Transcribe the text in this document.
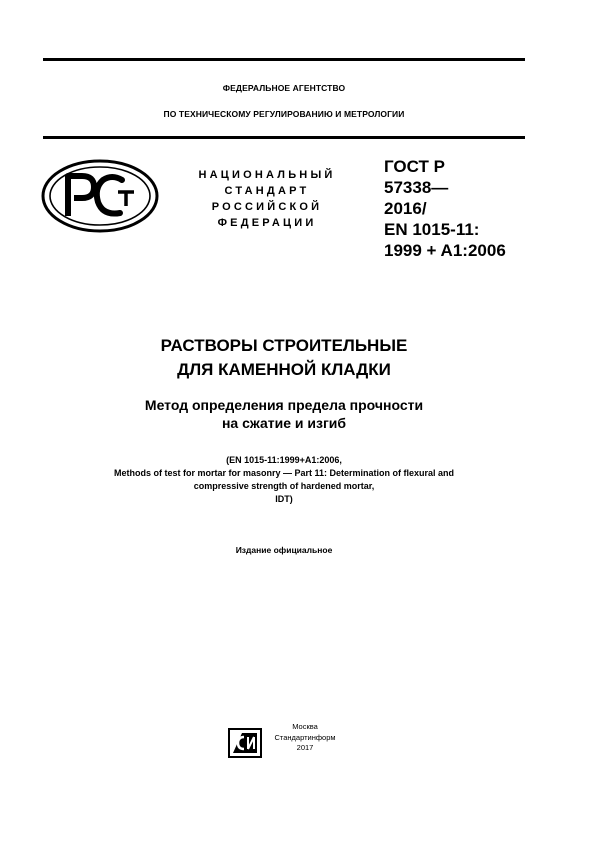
ФЕДЕРАЛЬНОЕ АГЕНТСТВО
ПО ТЕХНИЧЕСКОМУ РЕГУЛИРОВАНИЮ И МЕТРОЛОГИИ
НАЦИОНАЛЬНЫЙ
СТАНДАРТ
РОССИЙСКОЙ
ФЕДЕРАЦИИ
ГОСТ Р
57338—
2016/
EN 1015-11:
1999 + A1:2006
РАСТВОРЫ СТРОИТЕЛЬНЫЕ
ДЛЯ КАМЕННОЙ КЛАДКИ
Метод определения предела прочности
на сжатие и изгиб
(EN 1015-11:1999+A1:2006,
Methods of test for mortar for masonry — Part 11: Determination of flexural and
compressive strength of hardened mortar,
IDT)
Издание официальное
Москва
Стандартинформ
2017
